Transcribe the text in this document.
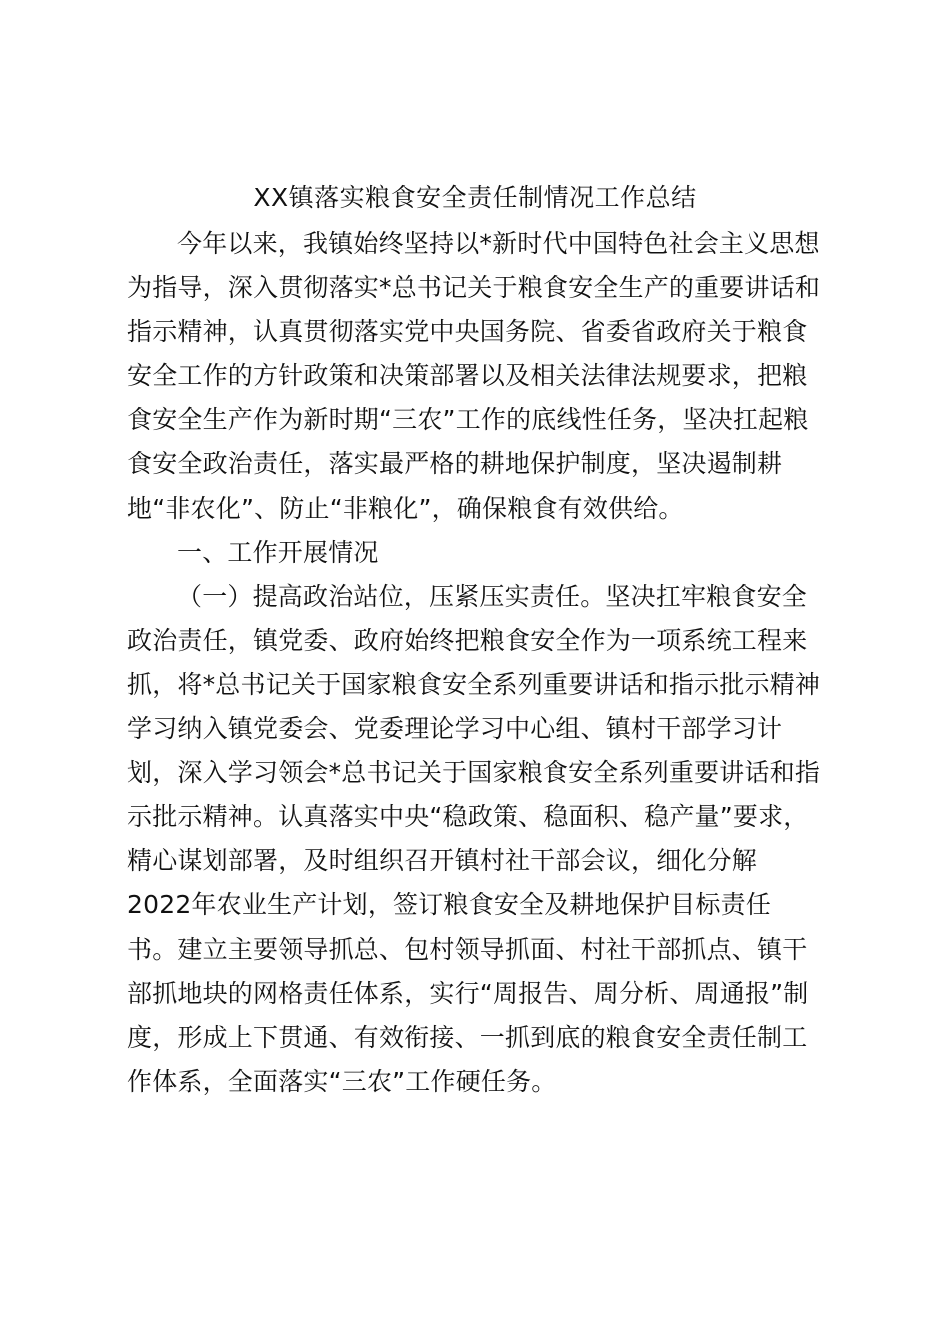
XX镇落实粮食安全责任制情况工作总结
今年以来，我镇始终坚持以*新时代中国特色社会主义思想
为指导，深入贯彻落实*总书记关于粮食安全生产的重要讲话和
指示精神，认真贯彻落实党中央国务院、省委省政府关于粮食
安全工作的方针政策和决策部署以及相关法律法规要求，把粮
食安全生产作为新时期“三农”工作的底线性任务，坚决扛起粮
食安全政治责任，落实最严格的耕地保护制度，坚决遏制耕
地“非农化”、防止“非粮化”，确保粮食有效供给。
一、工作开展情况
（一）提高政治站位，压紧压实责任。坚决扛牢粮食安全
政治责任，镇党委、政府始终把粮食安全作为一项系统工程来
抓，将*总书记关于国家粮食安全系列重要讲话和指示批示精神
学习纳入镇党委会、党委理论学习中心组、镇村干部学习计
划，深入学习领会*总书记关于国家粮食安全系列重要讲话和指
示批示精神。认真落实中央“稳政策、稳面积、稳产量”要求，
精心谋划部署，及时组织召开镇村社干部会议，细化分解
2022年农业生产计划，签订粮食安全及耕地保护目标责任
书。建立主要领导抓总、包村领导抓面、村社干部抓点、镇干
部抓地块的网格责任体系，实行“周报告、周分析、周通报”制
度，形成上下贯通、有效衔接、一抓到底的粮食安全责任制工
作体系，全面落实“三农”工作硬任务。
